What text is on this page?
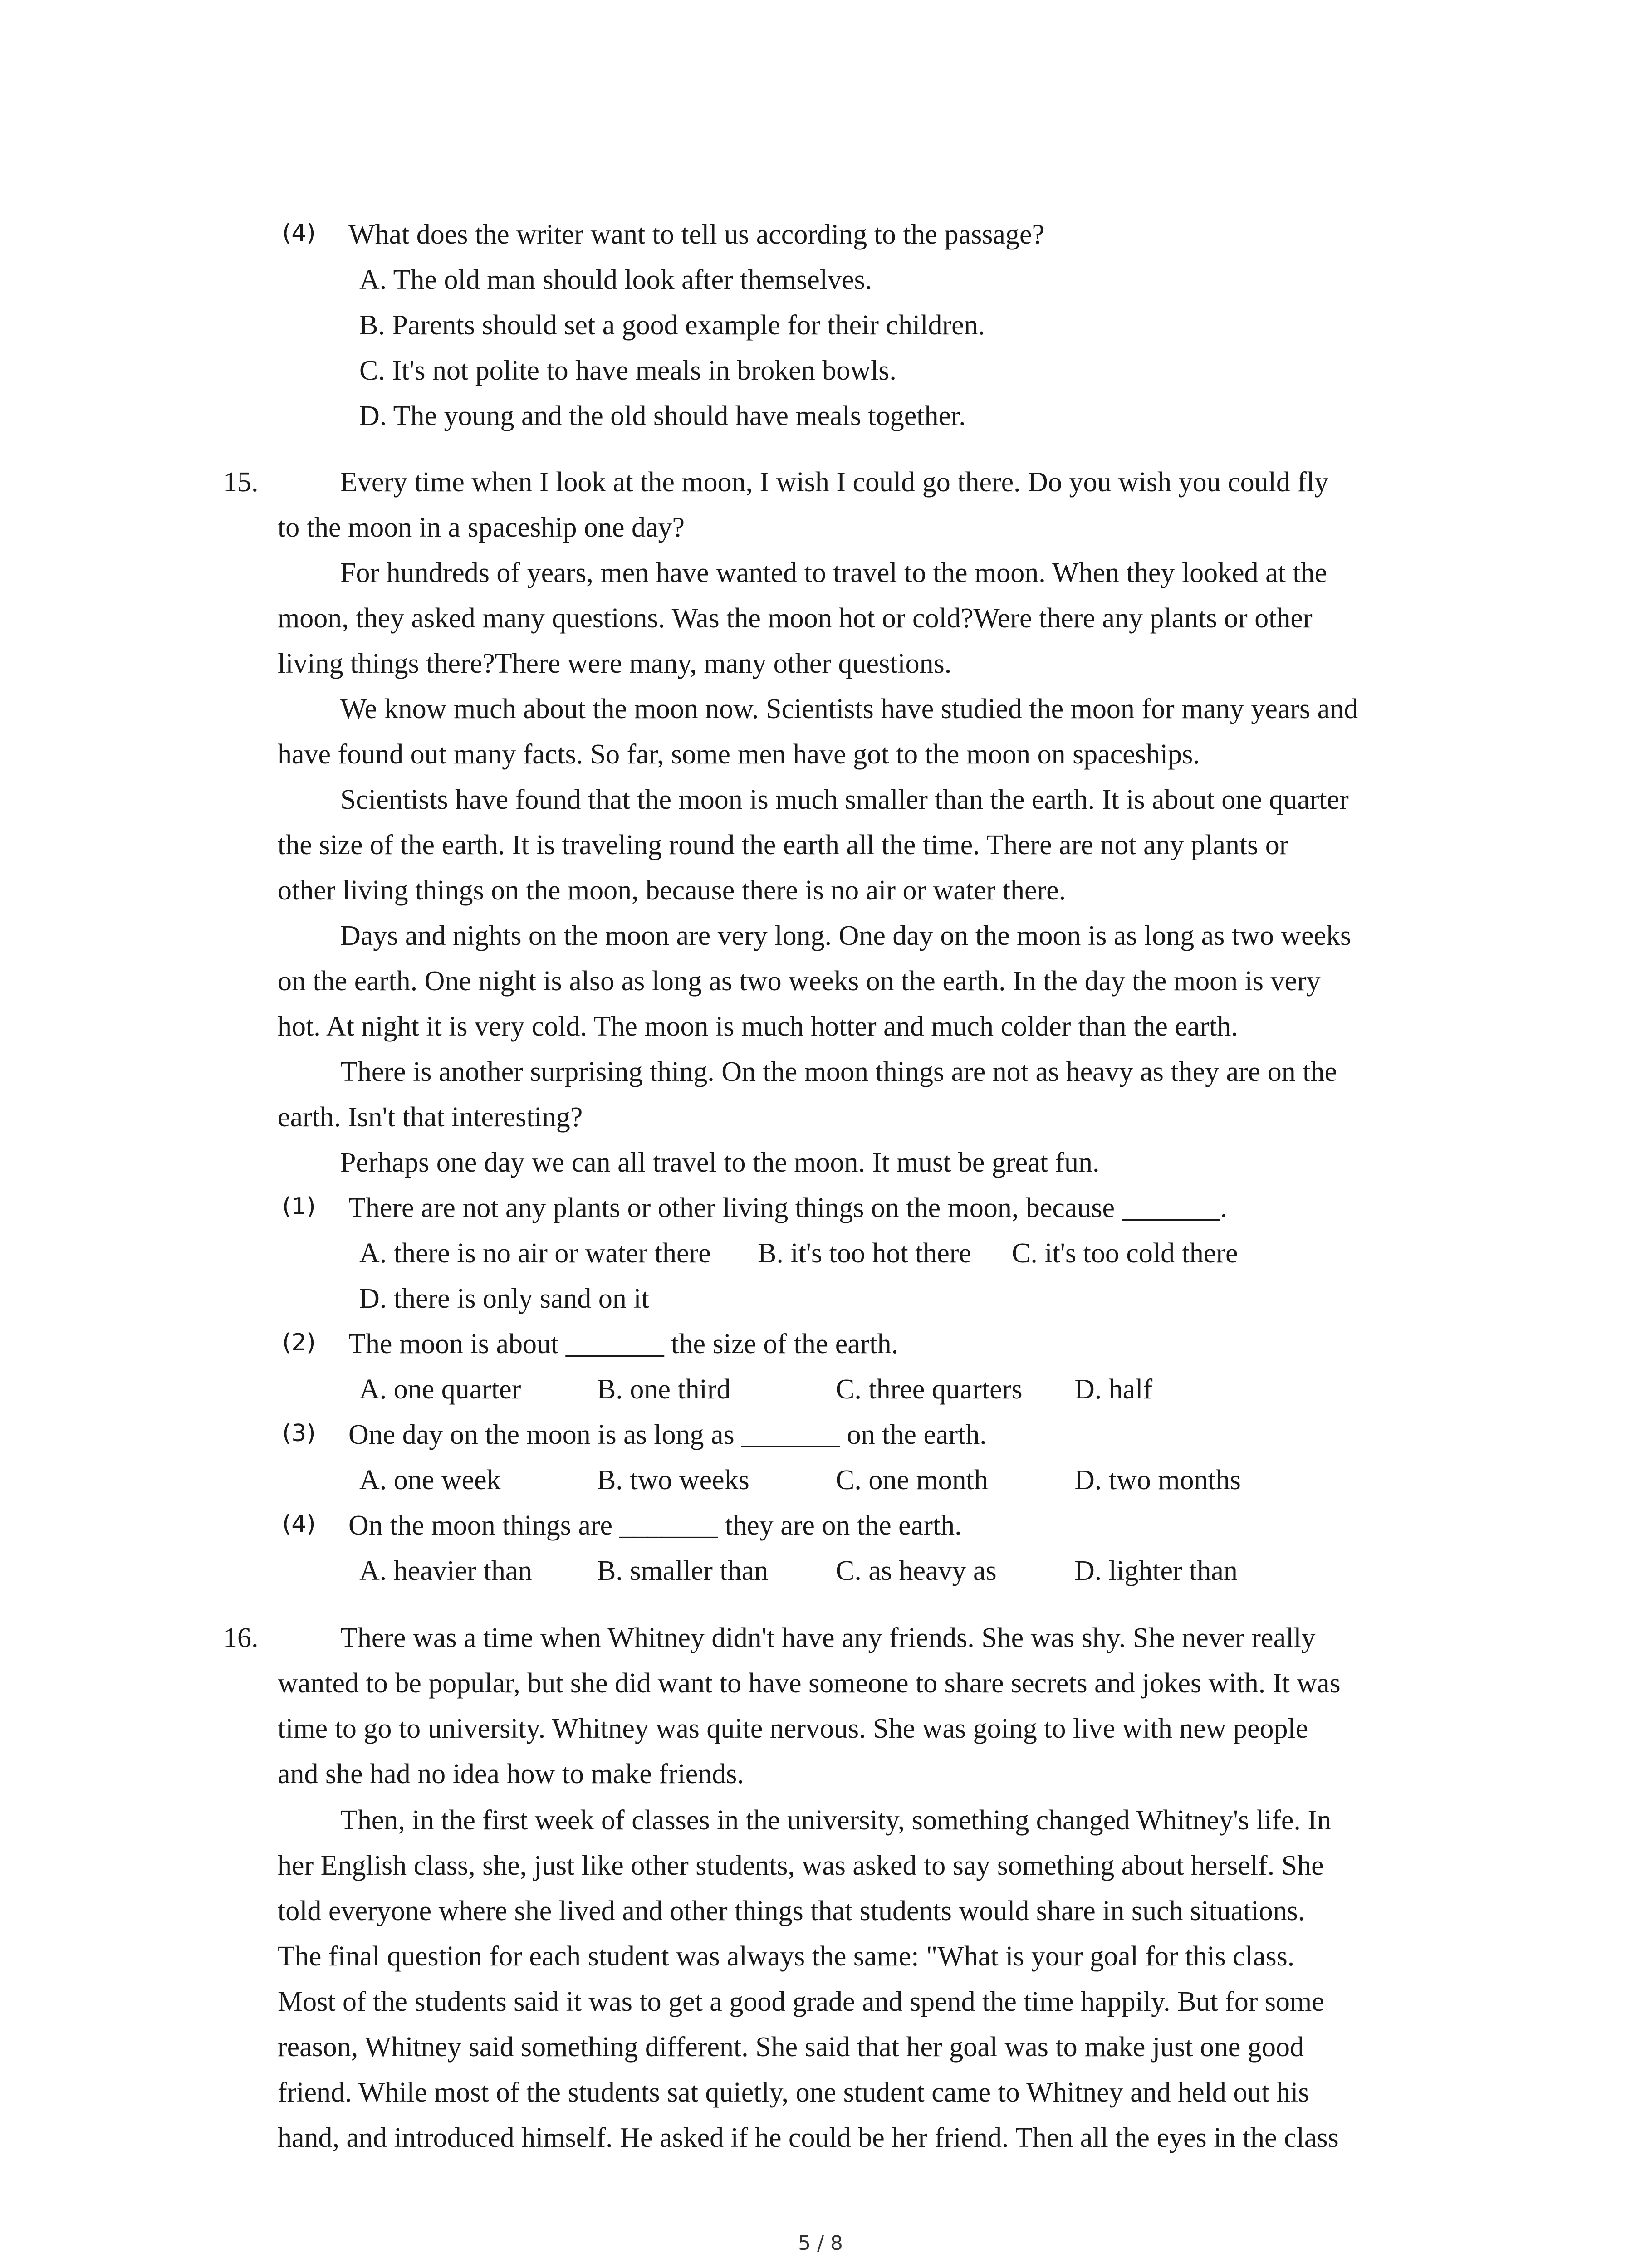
(4) What does the writer want to tell us according to the passage?
A. The old man should look after themselves.
B. Parents should set a good example for their children.
C. It's not polite to have meals in broken bowls.
D. The young and the old should have meals together.
15.	Every time when I look at the moon, I wish I could go there. Do you wish you could fly
to the moon in a spaceship one day?
For hundreds of years, men have wanted to travel to the moon. When they looked at the
moon, they asked many questions. Was the moon hot or cold?Were there any plants or other
living things there?There were many, many other questions.
We know much about the moon now. Scientists have studied the moon for many years and
have found out many facts. So far, some men have got to the moon on spaceships.
Scientists have found that the moon is much smaller than the earth. It is about one quarter
the size of the earth. It is traveling round the earth all the time. There are not any plants or
other living things on the moon, because there is no air or water there.
Days and nights on the moon are very long. One day on the moon is as long as two weeks
on the earth. One night is also as long as two weeks on the earth. In the day the moon is very
hot. At night it is very cold. The moon is much hotter and much colder than the earth.
There is another surprising thing. On the moon things are not as heavy as they are on the
earth. Isn't that interesting?
Perhaps one day we can all travel to the moon. It must be great fun.
(1) There are not any plants or other living things on the moon, because _______.
A. there is no air or water there B. it's too hot there C. it's too cold there
D. there is only sand on it
(2) The moon is about _______ the size of the earth.
A. one quarter	B. one third	C. three quarters D. half
(3) One day on the moon is as long as _______ on the earth.
A. one week	B. two weeks	C. one month	D. two months
(4) On the moon things are _______ they are on the earth.
A. heavier than B. smaller than C. as heavy as	D. lighter than
16.	There was a time when Whitney didn't have any friends. She was shy. She never really
wanted to be popular, but she did want to have someone to share secrets and jokes with. It was
time to go to university. Whitney was quite nervous. She was going to live with new people
and she had no idea how to make friends.
Then, in the first week of classes in the university, something changed Whitney's life. In
her English class, she, just like other students, was asked to say something about herself. She
told everyone where she lived and other things that students would share in such situations.
The final question for each student was always the same: "What is your goal for this class.
Most of the students said it was to get a good grade and spend the time happily. But for some
reason, Whitney said something different. She said that her goal was to make just one good
friend. While most of the students sat quietly, one student came to Whitney and held out his
hand, and introduced himself. He asked if he could be her friend. Then all the eyes in the class
5 / 8
